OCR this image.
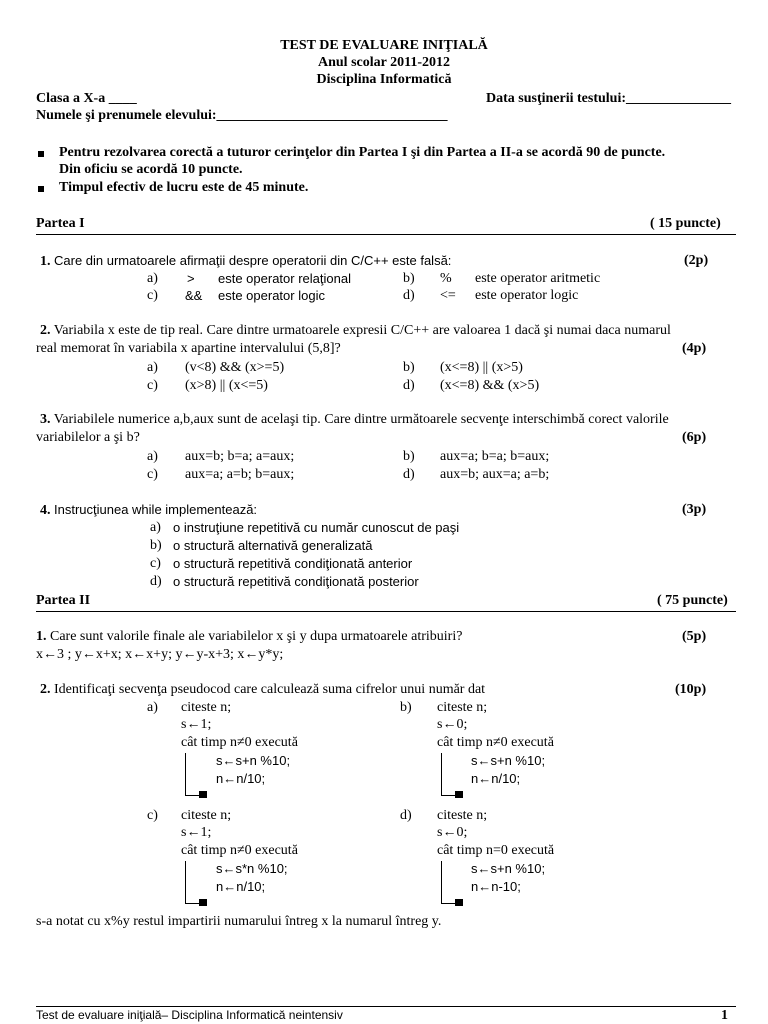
TEST DE EVALUARE INIŢIALĂ
Anul scolar 2011-2012
Disciplina Informatică
Clasa a X-a ____	Data susţinerii testului:_______________
Numele şi prenumele elevului:_________________________________
Pentru rezolvarea corectă a tuturor cerinţelor din Partea I şi din Partea a II-a se acordă 90 de puncte.
Din oficiu se acordă 10 puncte.
Timpul efectiv de lucru este de 45 minute.
Partea I	( 15 puncte)
1. Care din urmatoarele afirmaţii despre operatorii din C/C++ este falsă:	(2p)
a) > este operator relaţional	b) % este operator aritmetic
c) && este operator logic	d) <= este operator logic
2. Variabila x este de tip real. Care dintre urmatoarele expresii C/C++ are valoarea 1 dacă şi numai daca numarul
real memorat în variabila x apartine intervalului (5,8]?	(4p)
a) (v<8) && (x>=5)	b) (x<=8) || (x>5)
c) (x>8) || (x<=5)	d) (x<=8) && (x>5)
3. Variabilele numerice a,b,aux sunt de acelaşi tip. Care dintre următoarele secvenţe interschimbă corect valorile
variabilelor a şi b?	(6p)
a) aux=b; b=a; a=aux;	b) aux=a; b=a; b=aux;
c) aux=a; a=b; b=aux;	d) aux=b; aux=a; a=b;
4. Instrucţiunea while implementează:	(3p)
a) o instruţiune repetitivă cu număr cunoscut de paşi
b) o structură alternativă generalizată
c) o structură repetitivă condiţionată anterior
d) o structură repetitivă condiţionată posterior
Partea II	( 75 puncte)
1. Care sunt valorile finale ale variabilelor x şi y dupa urmatoarele atribuiri?	(5p)
x←3 ; y←x+x; x←x+y; y←y-x+3; x←y*y;
2. Identificaţi secvenţa pseudocod care calculează suma cifrelor unui număr dat	(10p)
a) citeste n;
s←1;
cât timp n≠0 execută
s←s+n %10;
n←n/10;
b) citeste n;
s←0;
cât timp n≠0 execută
s←s+n %10;
n←n/10;
c) citeste n;
s←1;
cât timp n≠0 execută
s←s*n %10;
n←n/10;
d) citeste n;
s←0;
cât timp n=0 execută
s←s+n %10;
n←n-10;
s-a notat cu x%y restul impartirii numarului întreg x la numarul întreg y.
Test de evaluare iniţială– Disciplina Informatică neintensiv	1
